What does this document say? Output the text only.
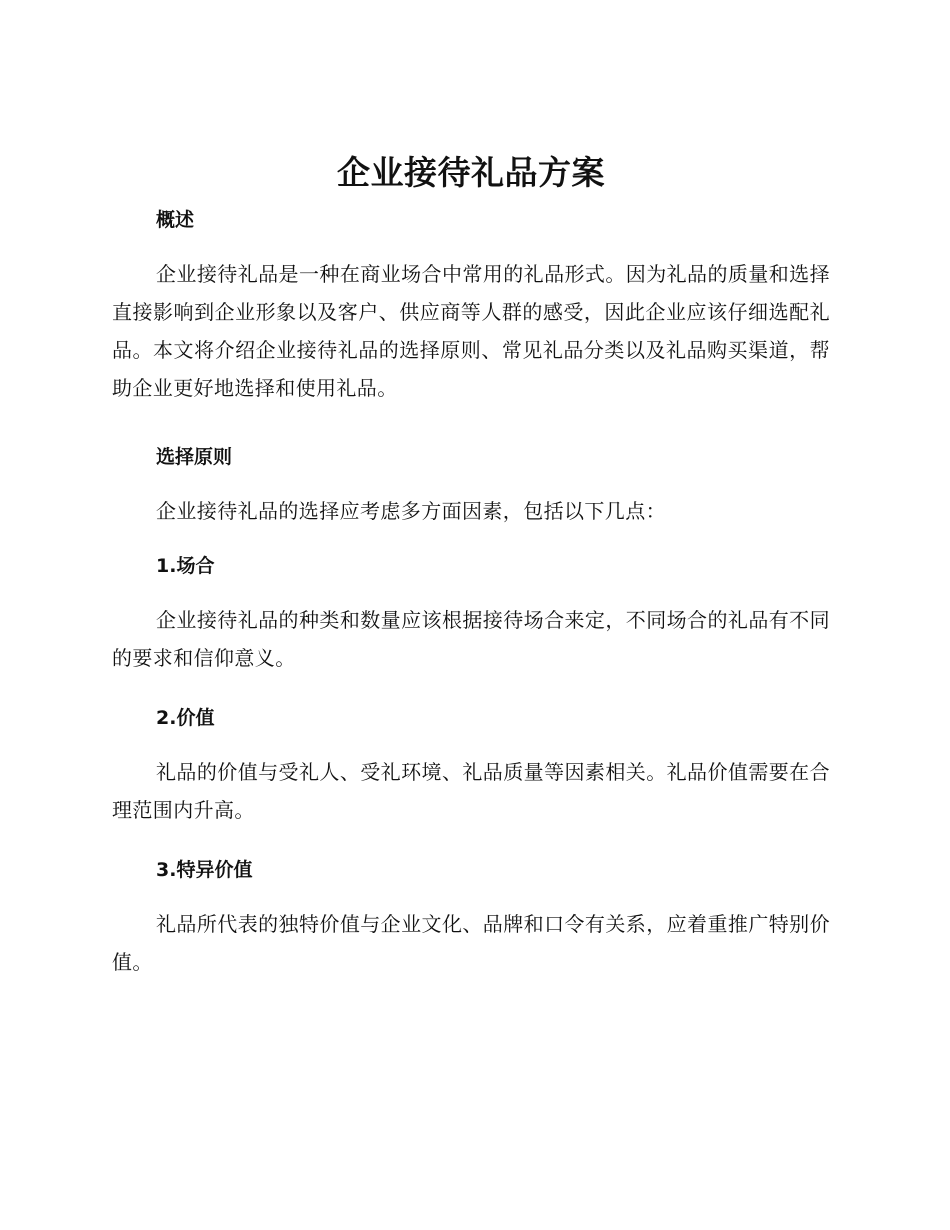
企业接待礼品方案
概述

企业接待礼品是一种在商业场合中常用的礼品形式。因为礼品的质量和选择直接影响到企业形象以及客户、供应商等人群的感受，因此企业应该仔细选配礼品。本文将介绍企业接待礼品的选择原则、常见礼品分类以及礼品购买渠道，帮助企业更好地选择和使用礼品。

选择原则

企业接待礼品的选择应考虑多方面因素，包括以下几点：

1.场合

企业接待礼品的种类和数量应该根据接待场合来定，不同场合的礼品有不同的要求和信仰意义。

2.价值

礼品的价值与受礼人、受礼环境、礼品质量等因素相关。礼品价值需要在合理范围内升高。

3.特异价值

礼品所代表的独特价值与企业文化、品牌和口令有关系，应着重推广特别价值。
